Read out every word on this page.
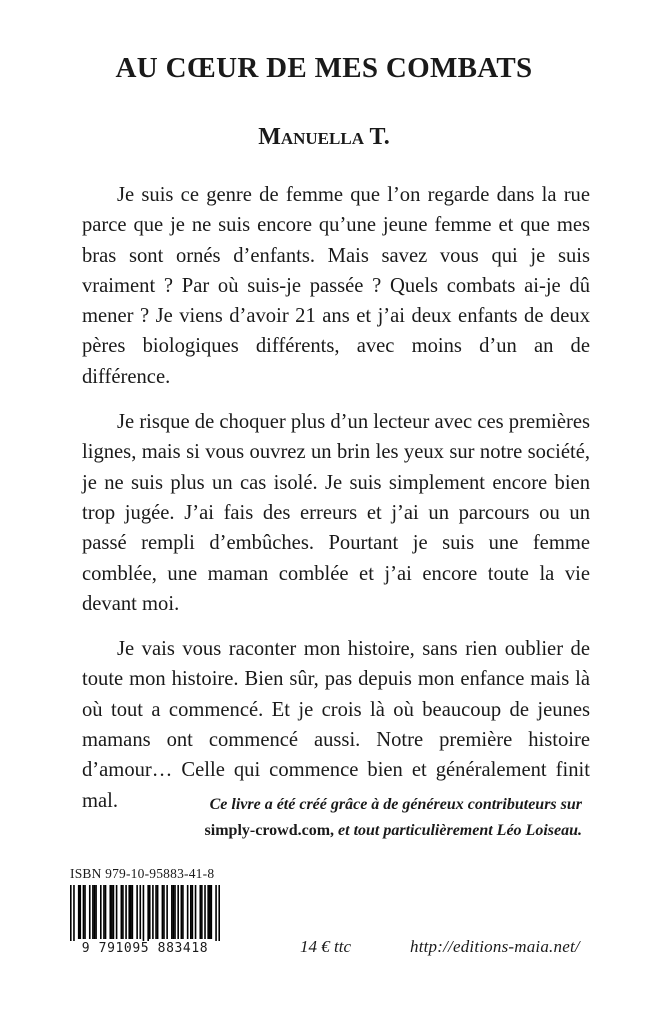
AU CŒUR DE MES COMBATS
Manuella T.

Je suis ce genre de femme que l’on regarde dans la rue parce que je ne suis encore qu’une jeune femme et que mes bras sont ornés d’enfants. Mais savez vous qui je suis vraiment ? Par où suis-je passée ? Quels combats ai-je dû mener ? Je viens d’avoir 21 ans et j’ai deux enfants de deux pères biologiques différents, avec moins d’un an de différence.

Je risque de choquer plus d’un lecteur avec ces premières lignes, mais si vous ouvrez un brin les yeux sur notre société, je ne suis plus un cas isolé. Je suis simplement encore bien trop jugée. J’ai fais des erreurs et j’ai un parcours ou un passé rempli d’embûches. Pourtant je suis une femme comblée, une maman comblée et j’ai encore toute la vie devant moi.

Je vais vous raconter mon histoire, sans rien oublier de toute mon histoire. Bien sûr, pas depuis mon enfance mais là où tout a commencé. Et je crois là où beaucoup de jeunes mamans ont commencé aussi. Notre première histoire d’amour… Celle qui commence bien et généralement finit mal.	Ce livre a été créé grâce à de généreux contributeurs sur
simply-crowd.com, et tout particulièrement Léo Loiseau.
ISBN 979-10-95883-41-8
9 791095 883418	14 € ttc	http://editions-maia.net/
